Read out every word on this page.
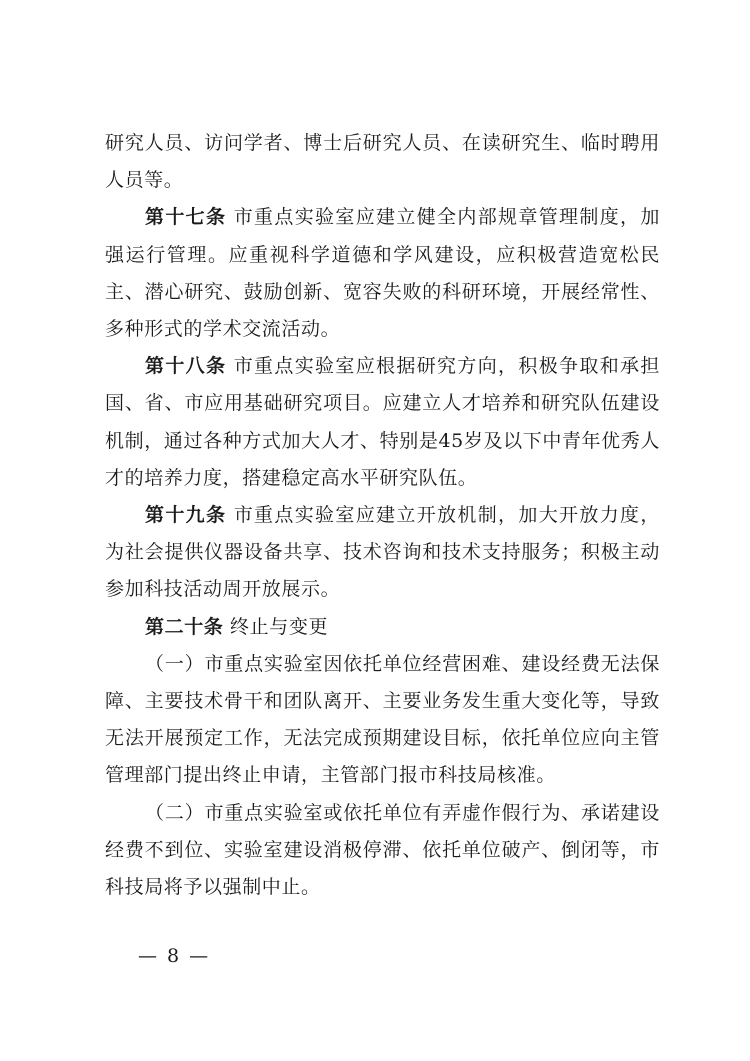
研究人员、访问学者、博士后研究人员、在读研究生、临时聘用人员等。

第十七条 市重点实验室应建立健全内部规章管理制度，加强运行管理。应重视科学道德和学风建设，应积极营造宽松民主、潜心研究、鼓励创新、宽容失败的科研环境，开展经常性、多种形式的学术交流活动。

第十八条 市重点实验室应根据研究方向，积极争取和承担国、省、市应用基础研究项目。应建立人才培养和研究队伍建设机制，通过各种方式加大人才、特别是45岁及以下中青年优秀人才的培养力度，搭建稳定高水平研究队伍。

第十九条 市重点实验室应建立开放机制，加大开放力度，为社会提供仪器设备共享、技术咨询和技术支持服务；积极主动参加科技活动周开放展示。

第二十条 终止与变更

（一）市重点实验室因依托单位经营困难、建设经费无法保障、主要技术骨干和团队离开、主要业务发生重大变化等，导致无法开展预定工作，无法完成预期建设目标，依托单位应向主管管理部门提出终止申请，主管部门报市科技局核准。

（二）市重点实验室或依托单位有弄虚作假行为、承诺建设经费不到位、实验室建设消极停滞、依托单位破产、倒闭等，市科技局将予以强制中止。

— 8 —
